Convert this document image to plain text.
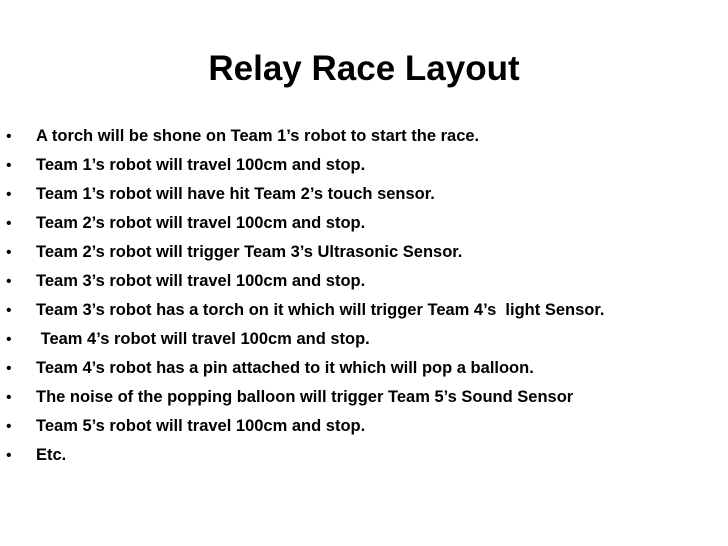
Relay Race Layout
• A torch will be shone on Team 1’s robot to start the race.
• Team 1’s robot will travel 100cm and stop.
• Team 1’s robot will have hit Team 2’s touch sensor.
• Team 2’s robot will travel 100cm and stop.
• Team 2’s robot will trigger Team 3’s Ultrasonic Sensor.
• Team 3’s robot will travel 100cm and stop.
• Team 3’s robot has a torch on it which will trigger Team 4’s  light Sensor.
• Team 4’s robot will travel 100cm and stop.
• Team 4’s robot has a pin attached to it which will pop a balloon.
• The noise of the popping balloon will trigger Team 5’s Sound Sensor
• Team 5’s robot will travel 100cm and stop.
• Etc.
